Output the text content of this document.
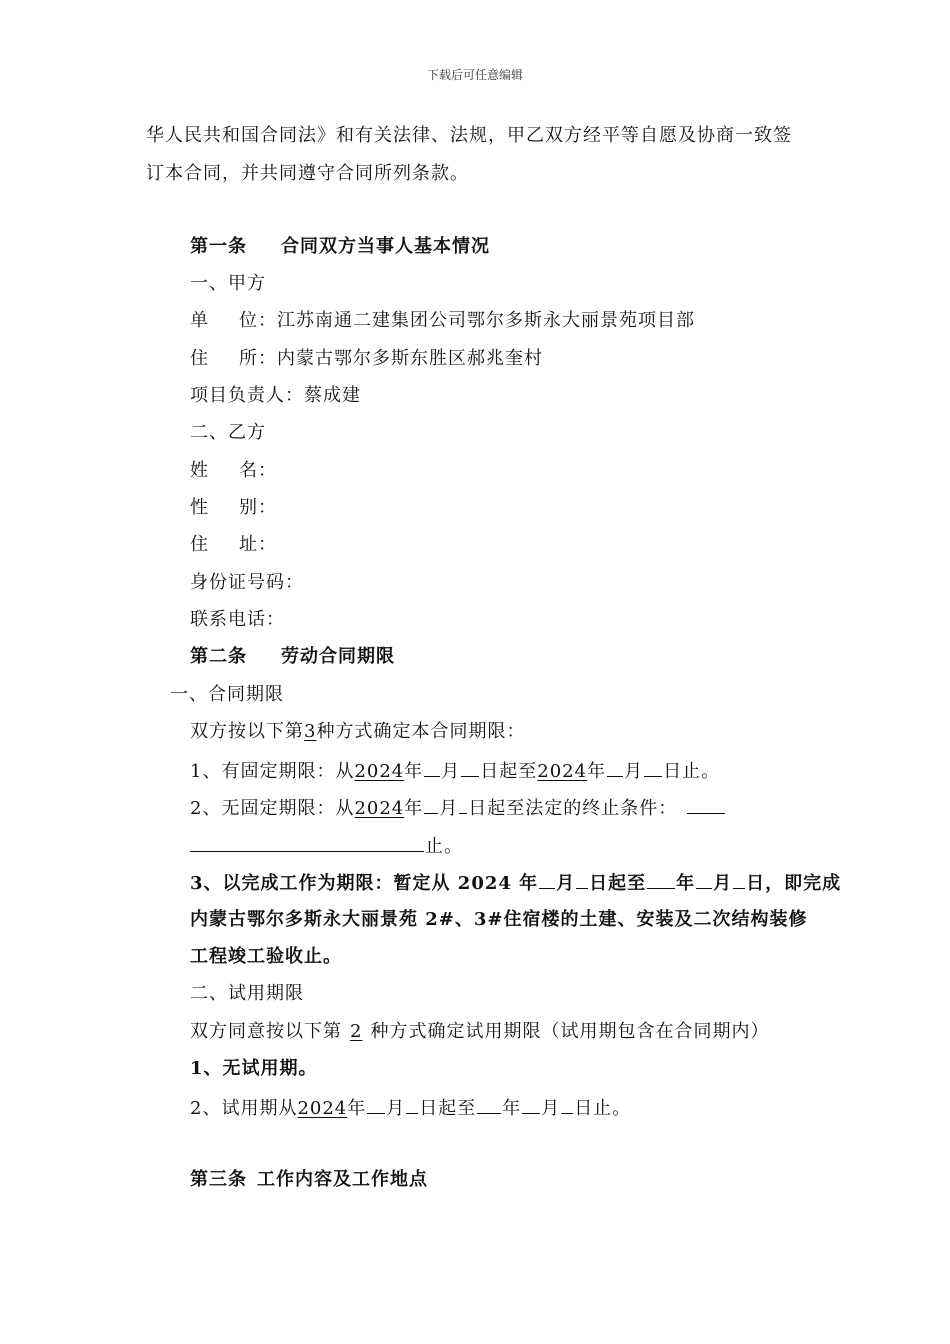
下载后可任意编辑
华人民共和国合同法》和有关法律、法规，甲乙双方经平等自愿及协商一致签
订本合同，并共同遵守合同所列条款。
第一条 合同双方当事人基本情况
一、甲方
单 位：江苏南通二建集团公司鄂尔多斯永大丽景苑项目部
住 所：内蒙古鄂尔多斯东胜区郝兆奎村
项目负责人：蔡成建
二、乙方
姓 名：
性 别：
住 址：
身份证号码：
联系电话：
第二条 劳动合同期限
一、合同期限
双方按以下第3种方式确定本合同期限：
1、有固定期限：从2024年 月 日起至2024年 月 日止。
2、无固定期限：从2024年 月 日起至法定的终止条件：
止。
3、以完成工作为期限：暂定从 2024 年 月 日起至 年 月 日，即完成
内蒙古鄂尔多斯永大丽景苑 2#、3#住宿楼的土建、安装及二次结构装修
工程竣工验收止。
二、试用期限
双方同意按以下第 2 种方式确定试用期限（试用期包含在合同期内）
1、无试用期。
2、试用期从2024年 月 日起至 年 月 日止。
第三条 工作内容及工作地点
